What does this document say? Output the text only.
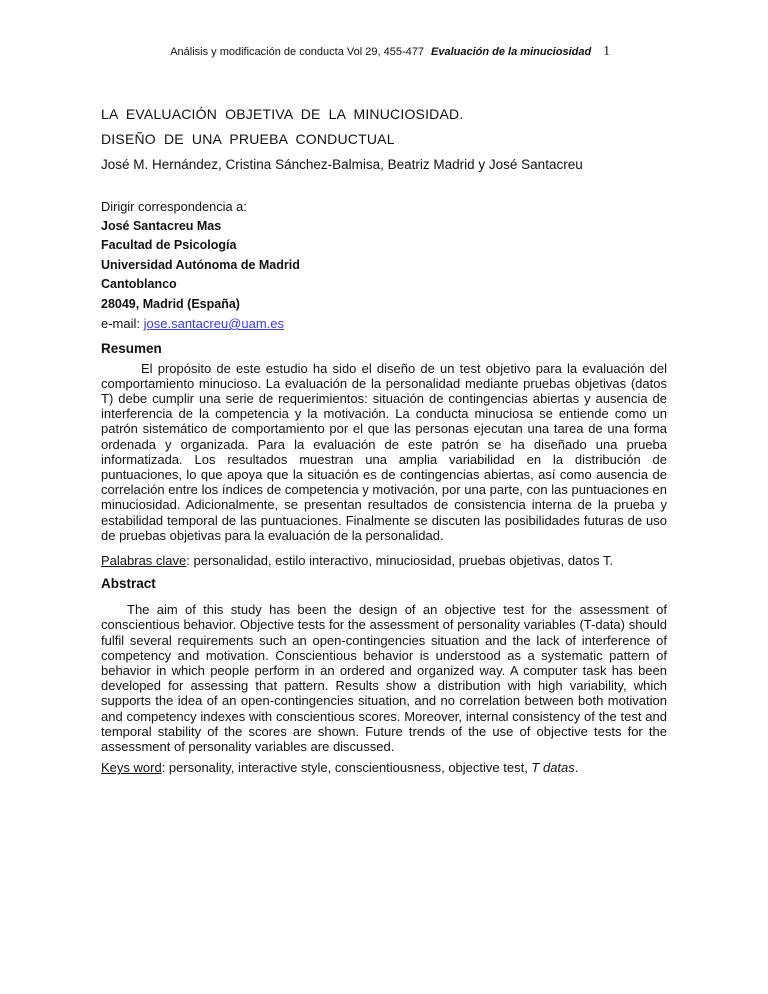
Análisis y modificación de conducta Vol 29, 455-477 Evaluación de la minuciosidad 1
LA EVALUACIÓN OBJETIVA DE LA MINUCIOSIDAD.
DISEÑO DE UNA PRUEBA CONDUCTUAL

José M. Hernández, Cristina Sánchez-Balmisa, Beatriz Madrid y José Santacreu

Dirigir correspondencia a:

José Santacreu Mas

Facultad de Psicología

Universidad Autónoma de Madrid

Cantoblanco

28049, Madrid (España)

e-mail: jose.santacreu@uam.es

Resumen

El propósito de este estudio ha sido el diseño de un test objetivo para la evaluación del comportamiento minucioso. La evaluación de la personalidad mediante pruebas objetivas (datos T) debe cumplir una serie de requerimientos: situación de contingencias abiertas y ausencia de interferencia de la competencia y la motivación. La conducta minuciosa se entiende como un patrón sistemático de comportamiento por el que las personas ejecutan una tarea de una forma ordenada y organizada. Para la evaluación de este patrón se ha diseñado una prueba informatizada. Los resultados muestran una amplia variabilidad en la distribución de puntuaciones, lo que apoya que la situación es de contingencias abiertas, así como ausencia de correlación entre los índices de competencia y motivación, por una parte, con las puntuaciones en minuciosidad. Adicionalmente, se presentan resultados de consistencia interna de la prueba y estabilidad temporal de las puntuaciones. Finalmente se discuten las posibilidades futuras de uso de pruebas objetivas para la evaluación de la personalidad.

Palabras clave: personalidad, estilo interactivo, minuciosidad, pruebas objetivas, datos T.

Abstract

The aim of this study has been the design of an objective test for the assessment of conscientious behavior. Objective tests for the assessment of personality variables (T-data) should fulfil several requirements such an open-contingencies situation and the lack of interference of competency and motivation. Conscientious behavior is understood as a systematic pattern of behavior in which people perform in an ordered and organized way. A computer task has been developed for assessing that pattern. Results show a distribution with high variability, which supports the idea of an open-contingencies situation, and no correlation between both motivation and competency indexes with conscientious scores. Moreover, internal consistency of the test and temporal stability of the scores are shown. Future trends of the use of objective tests for the assessment of personality variables are discussed.

Keys word: personality, interactive style, conscientiousness, objective test, T datas.
